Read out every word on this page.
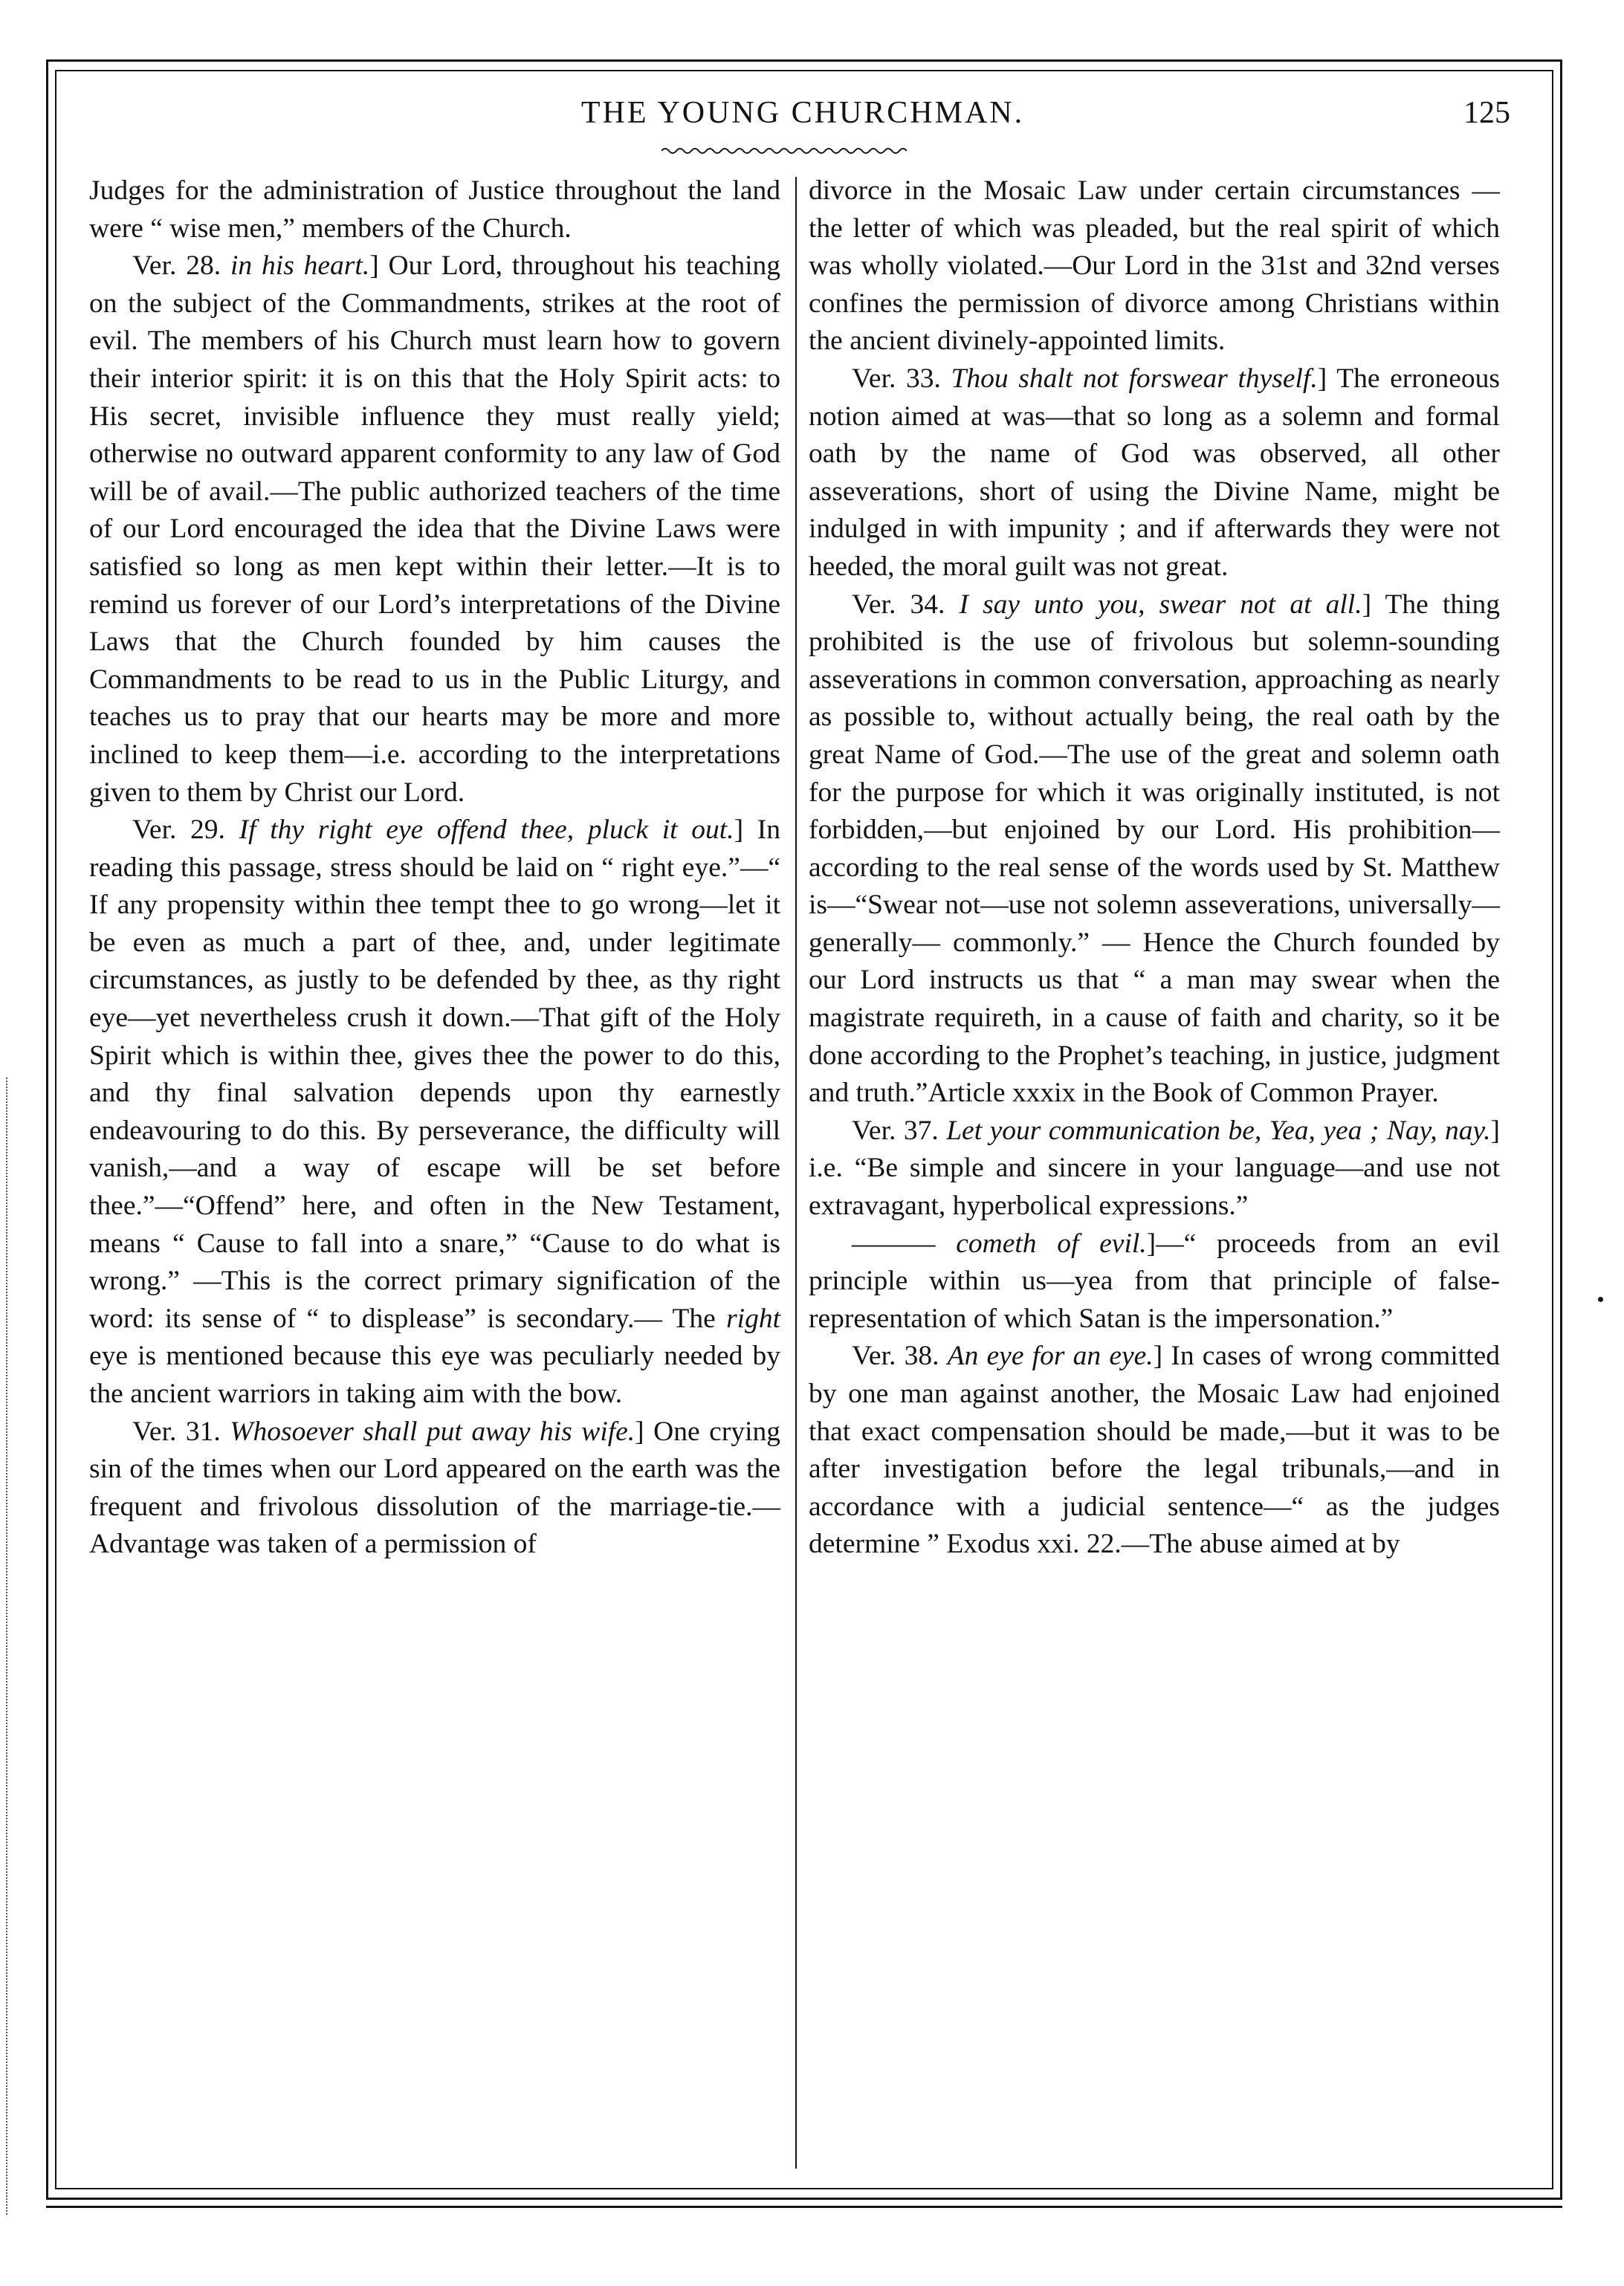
THE YOUNG CHURCHMAN.	125

Judges for the administration of Justice throughout the land were “ wise men,” members of the Church.

Ver. 28. in his heart.] Our Lord, throughout his teaching on the subject of the Commandments, strikes at the root of evil. The members of his Church must learn how to govern their interior spirit: it is on this that the Holy Spirit acts: to His secret, invisible influence they must really yield; otherwise no outward apparent conformity to any law of God will be of avail.—The public authorized teachers of the time of our Lord encouraged the idea that the Divine Laws were satisfied so long as men kept within their letter.—It is to remind us forever of our Lord’s interpretations of the Divine Laws that the Church founded by him causes the Commandments to be read to us in the Public Liturgy, and teaches us to pray that our hearts may be more and more inclined to keep them—i.e. according to the interpretations given to them by Christ our Lord.

Ver. 29. If thy right eye offend thee, pluck it out.] In reading this passage, stress should be laid on “ right eye.”—“ If any propensity within thee tempt thee to go wrong—let it be even as much a part of thee, and, under legitimate circumstances, as justly to be defended by thee, as thy right eye—yet nevertheless crush it down.—That gift of the Holy Spirit which is within thee, gives thee the power to do this, and thy final salvation depends upon thy earnestly endeavouring to do this. By perseverance, the difficulty will vanish,—and a way of escape will be set before thee.”—“Offend” here, and often in the New Testament, means “ Cause to fall into a snare,” “Cause to do what is wrong.” —This is the correct primary signification of the word: its sense of “ to displease” is secondary.— The right eye is mentioned because this eye was peculiarly needed by the ancient warriors in taking aim with the bow.

Ver. 31. Whosoever shall put away his wife.] One crying sin of the times when our Lord appeared on the earth was the frequent and frivolous dissolution of the marriage-tie.— Advantage was taken of a permission of

divorce in the Mosaic Law under certain circumstances — the letter of which was pleaded, but the real spirit of which was wholly violated.—Our Lord in the 31st and 32nd verses confines the permission of divorce among Christians within the ancient divinely-appointed limits.

Ver. 33. Thou shalt not forswear thyself.] The erroneous notion aimed at was—that so long as a solemn and formal oath by the name of God was observed, all other asseverations, short of using the Divine Name, might be indulged in with impunity ; and if afterwards they were not heeded, the moral guilt was not great.

Ver. 34. I say unto you, swear not at all.] The thing prohibited is the use of frivolous but solemn-sounding asseverations in common conversation, approaching as nearly as possible to, without actually being, the real oath by the great Name of God.—The use of the great and solemn oath for the purpose for which it was originally instituted, is not forbidden,—but enjoined by our Lord. His prohibition—according to the real sense of the words used by St. Matthew is—“Swear not—use not solemn asseverations, universally—generally— commonly.” — Hence the Church founded by our Lord instructs us that “ a man may swear when the magistrate requireth, in a cause of faith and charity, so it be done according to the Prophet’s teaching, in justice, judgment and truth.”Article xxxix in the Book of Common Prayer.

Ver. 37. Let your communication be, Yea, yea ; Nay, nay.] i.e. “Be simple and sincere in your language—and use not extravagant, hyperbolical expressions.”

——— cometh of evil.]—“ proceeds from an evil principle within us—yea from that principle of false-representation of which Satan is the impersonation.”

Ver. 38. An eye for an eye.] In cases of wrong committed by one man against another, the Mosaic Law had enjoined that exact compensation should be made,—but it was to be after investigation before the legal tribunals,—and in accordance with a judicial sentence—“ as the judges determine ” Exodus xxi. 22.—The abuse aimed at by
